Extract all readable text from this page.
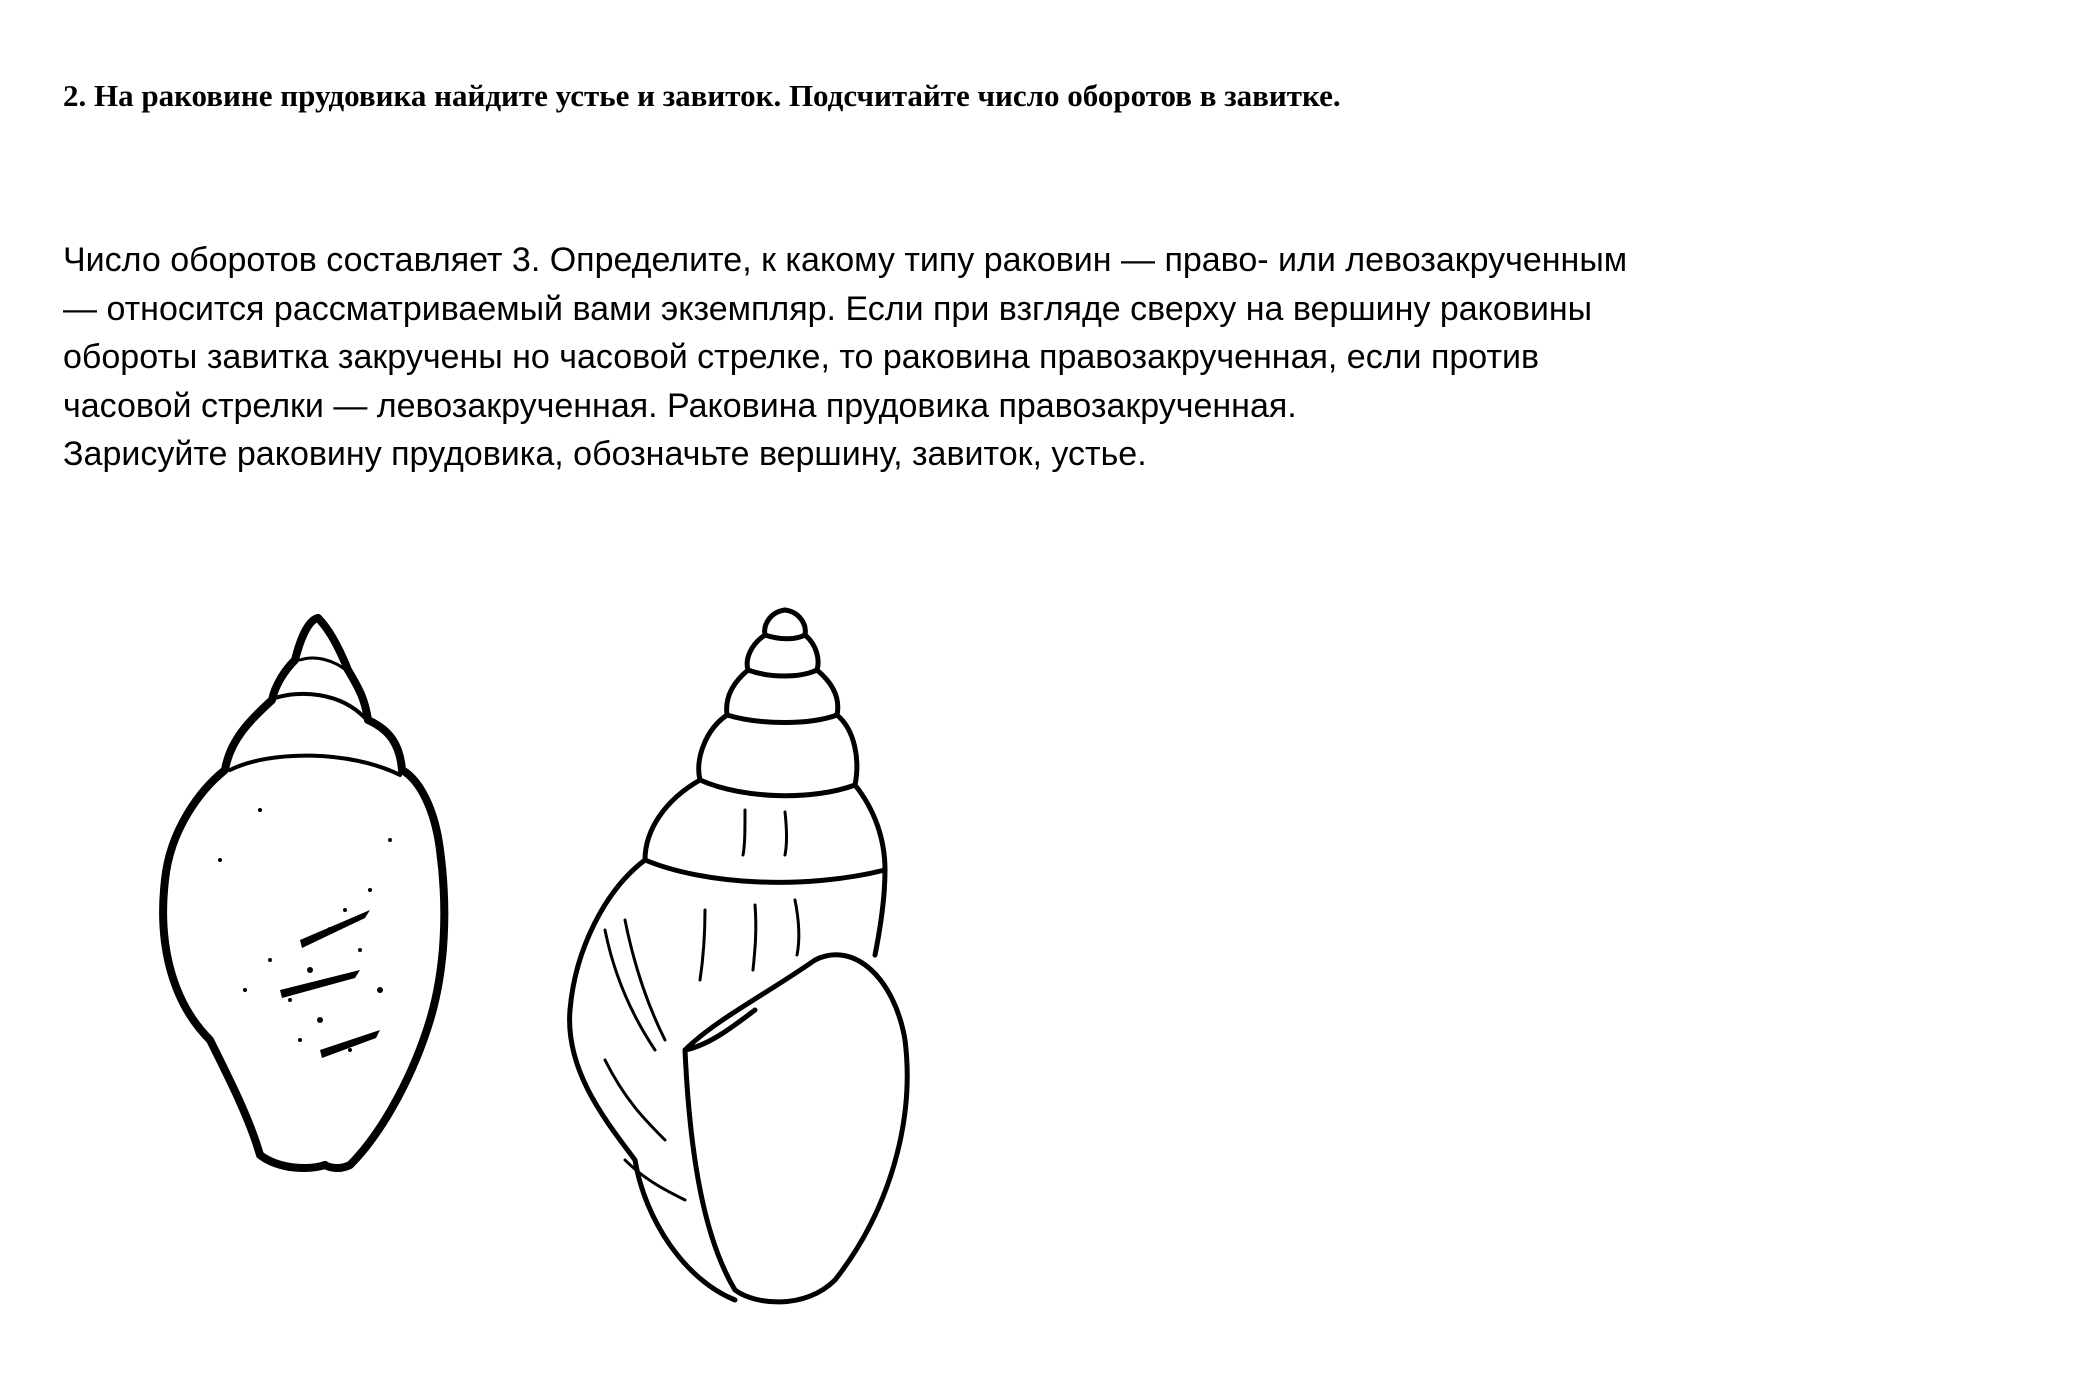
2. На раковине прудовика найдите устье и завиток. Подсчитайте число оборотов в завитке.
Число оборотов составляет 3. Определите, к какому типу раковин — право- или левозакрученным
— относится рассматриваемый вами экземпляр. Если при взгляде сверху на вершину раковины
обороты завитка закручены но часовой стрелке, то раковина правозакрученная, если против
часовой стрелки — левозакрученная. Раковина прудовика правозакрученная.
Зарисуйте раковину прудовика, обозначьте вершину, завиток, устье.
